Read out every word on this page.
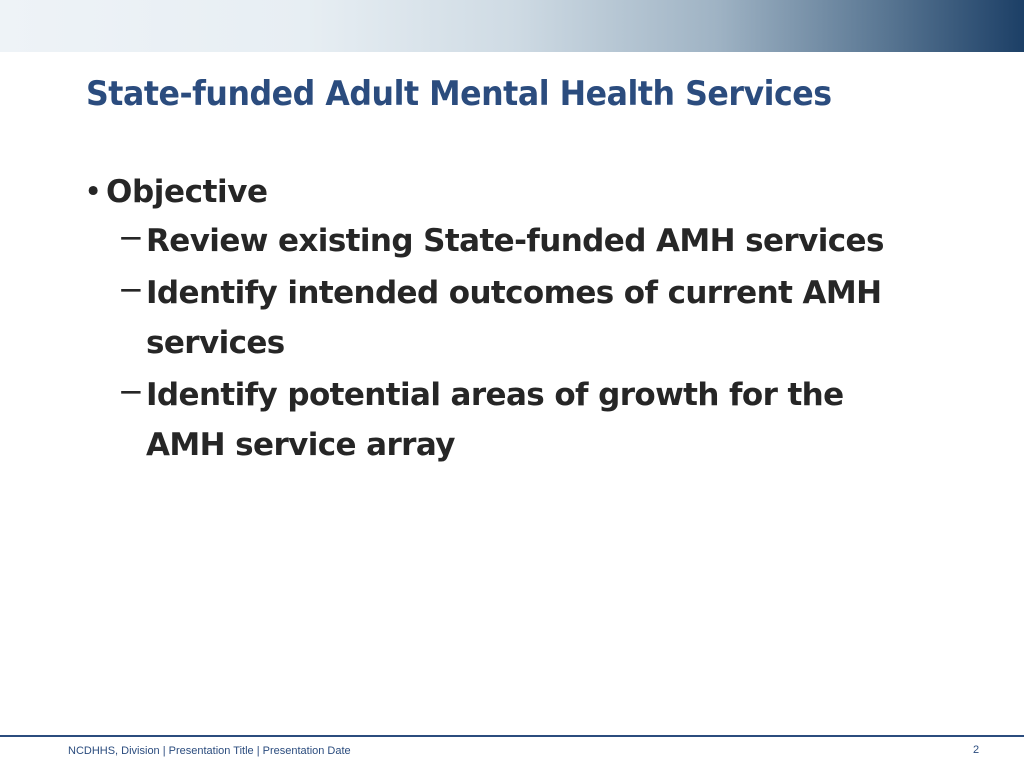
State-funded Adult Mental Health Services
• Objective
− Review existing State-funded AMH services
− Identify intended outcomes of current AMH services
− Identify potential areas of growth for the AMH service array
NCDHHS, Division | Presentation Title | Presentation Date	2
